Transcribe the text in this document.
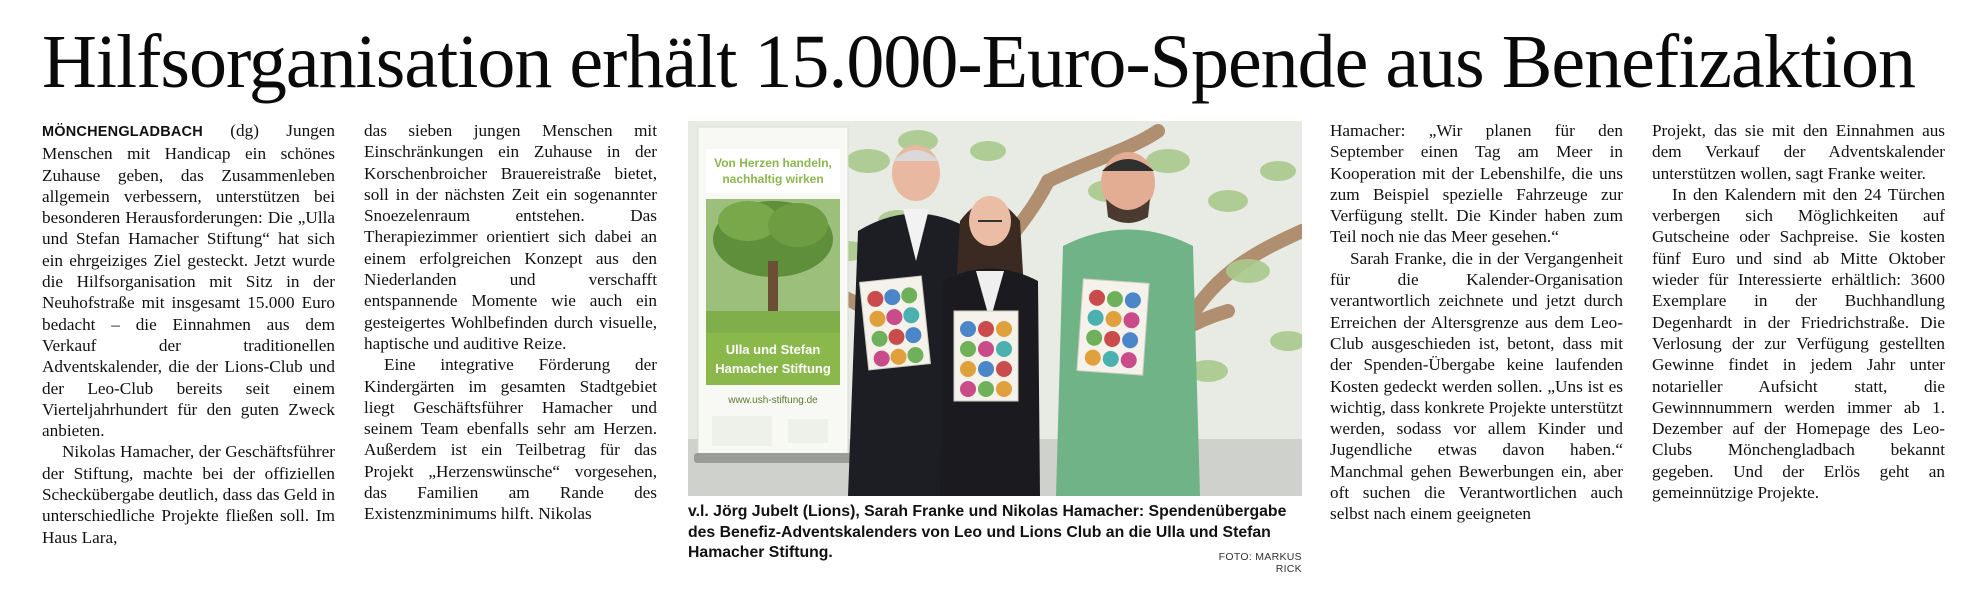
Hilfsorganisation erhält 15.000-Euro-Spende aus Benefizaktion

MÖNCHENGLADBACH (dg) Jungen Menschen mit Handicap ein schönes Zuhause geben, das Zusammenleben allgemein verbessern, unterstützen bei besonderen Herausforderungen: Die „Ulla und Stefan Hamacher Stiftung“ hat sich ein ehrgeiziges Ziel gesteckt. Jetzt wurde die Hilfsorganisation mit Sitz in der Neuhofstraße mit insgesamt 15.000 Euro bedacht – die Einnahmen aus dem Verkauf der traditionellen Adventskalender, die der Lions-Club und der Leo-Club bereits seit einem Vierteljahrhundert für den guten Zweck anbieten.

Nikolas Hamacher, der Geschäftsführer der Stiftung, machte bei der offiziellen Scheckübergabe deutlich, dass das Geld in unterschiedliche Projekte fließen soll. Im Haus Lara,

das sieben jungen Menschen mit Einschränkungen ein Zuhause in der Korschenbroicher Brauereistraße bietet, soll in der nächsten Zeit ein sogenannter Snoezelenraum entstehen. Das Therapiezimmer orientiert sich dabei an einem erfolgreichen Konzept aus den Niederlanden und verschafft entspannende Momente wie auch ein gesteigertes Wohlbefinden durch visuelle, haptische und auditive Reize.

Eine integrative Förderung der Kindergärten im gesamten Stadtgebiet liegt Geschäftsführer Hamacher und seinem Team ebenfalls sehr am Herzen. Außerdem ist ein Teilbetrag für das Projekt „Herzenswünsche“ vorgesehen, das Familien am Rande des Existenzminimums hilft. Nikolas

Von Herzen handeln,
nachhaltig wirken
Ulla und Stefan
Hamacher Stiftung
www.ush-stiftung.de
v.l. Jörg Jubelt (Lions), Sarah Franke und Nikolas Hamacher: Spendenübergabe des Benefiz-Adventskalenders von Leo und Lions Club an die Ulla und Stefan Hamacher Stiftung.	FOTO: MARKUS RICK

Hamacher: „Wir planen für den September einen Tag am Meer in Kooperation mit der Lebenshilfe, die uns zum Beispiel spezielle Fahrzeuge zur Verfügung stellt. Die Kinder haben zum Teil noch nie das Meer gesehen.“

Sarah Franke, die in der Vergangenheit für die Kalender-Organisation verantwortlich zeichnete und jetzt durch Erreichen der Altersgrenze aus dem Leo-Club ausgeschieden ist, betont, dass mit der Spenden-Übergabe keine laufenden Kosten gedeckt werden sollen. „Uns ist es wichtig, dass konkrete Projekte unterstützt werden, sodass vor allem Kinder und Jugendliche etwas davon haben.“ Manchmal gehen Bewerbungen ein, aber oft suchen die Verantwortlichen auch selbst nach einem geeigneten

Projekt, das sie mit den Einnahmen aus dem Verkauf der Adventskalender unterstützen wollen, sagt Franke weiter.

In den Kalendern mit den 24 Türchen verbergen sich Möglichkeiten auf Gutscheine oder Sachpreise. Sie kosten fünf Euro und sind ab Mitte Oktober wieder für Interessierte erhältlich: 3600 Exemplare in der Buchhandlung Degenhardt in der Friedrichstraße. Die Verlosung der zur Verfügung gestellten Gewinne findet in jedem Jahr unter notarieller Aufsicht statt, die Gewinnnummern werden immer ab 1. Dezember auf der Homepage des Leo-Clubs Mönchengladbach bekannt gegeben. Und der Erlös geht an gemeinnützige Projekte.
